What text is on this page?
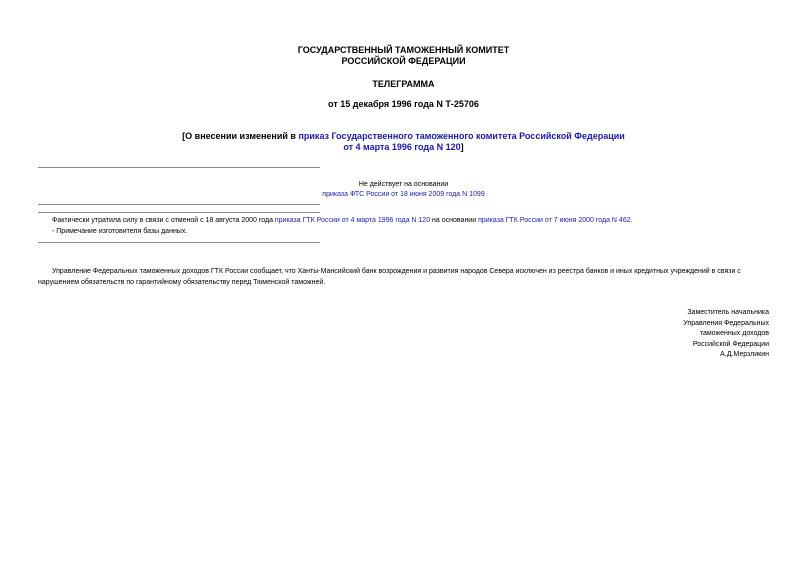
ГОСУДАРСТВЕННЫЙ ТАМОЖЕННЫЙ КОМИТЕТ
РОССИЙСКОЙ ФЕДЕРАЦИИ
ТЕЛЕГРАММА
от 15 декабря 1996 года N Т-25706
[О внесении изменений в приказ Государственного таможенного комитета Российской Федерации
от 4 марта 1996 года N 120]
Не действует на основании
приказа ФТС России от 18 июня 2009 года N 1099
Фактически утратила силу в связи с отменой с 18 августа 2000 года приказа ГТК России от 4 марта 1996 года N 120 на основании приказа ГТК России от 7 июня 2000 года N 462.
- Примечание изготовителя базы данных.
Управление Федеральных таможенных доходов ГТК России сообщает, что Ханты-Мансийский банк возрождения и развития народов Севера исключен из реестра банков и иных кредитных учреждений в связи с нарушением обязательств по гарантийному обязательству перед Тюменской таможней.
Заместитель начальника
Управления Федеральных
таможенных доходов
Российской Федерации
А.Д.Мерзликин
